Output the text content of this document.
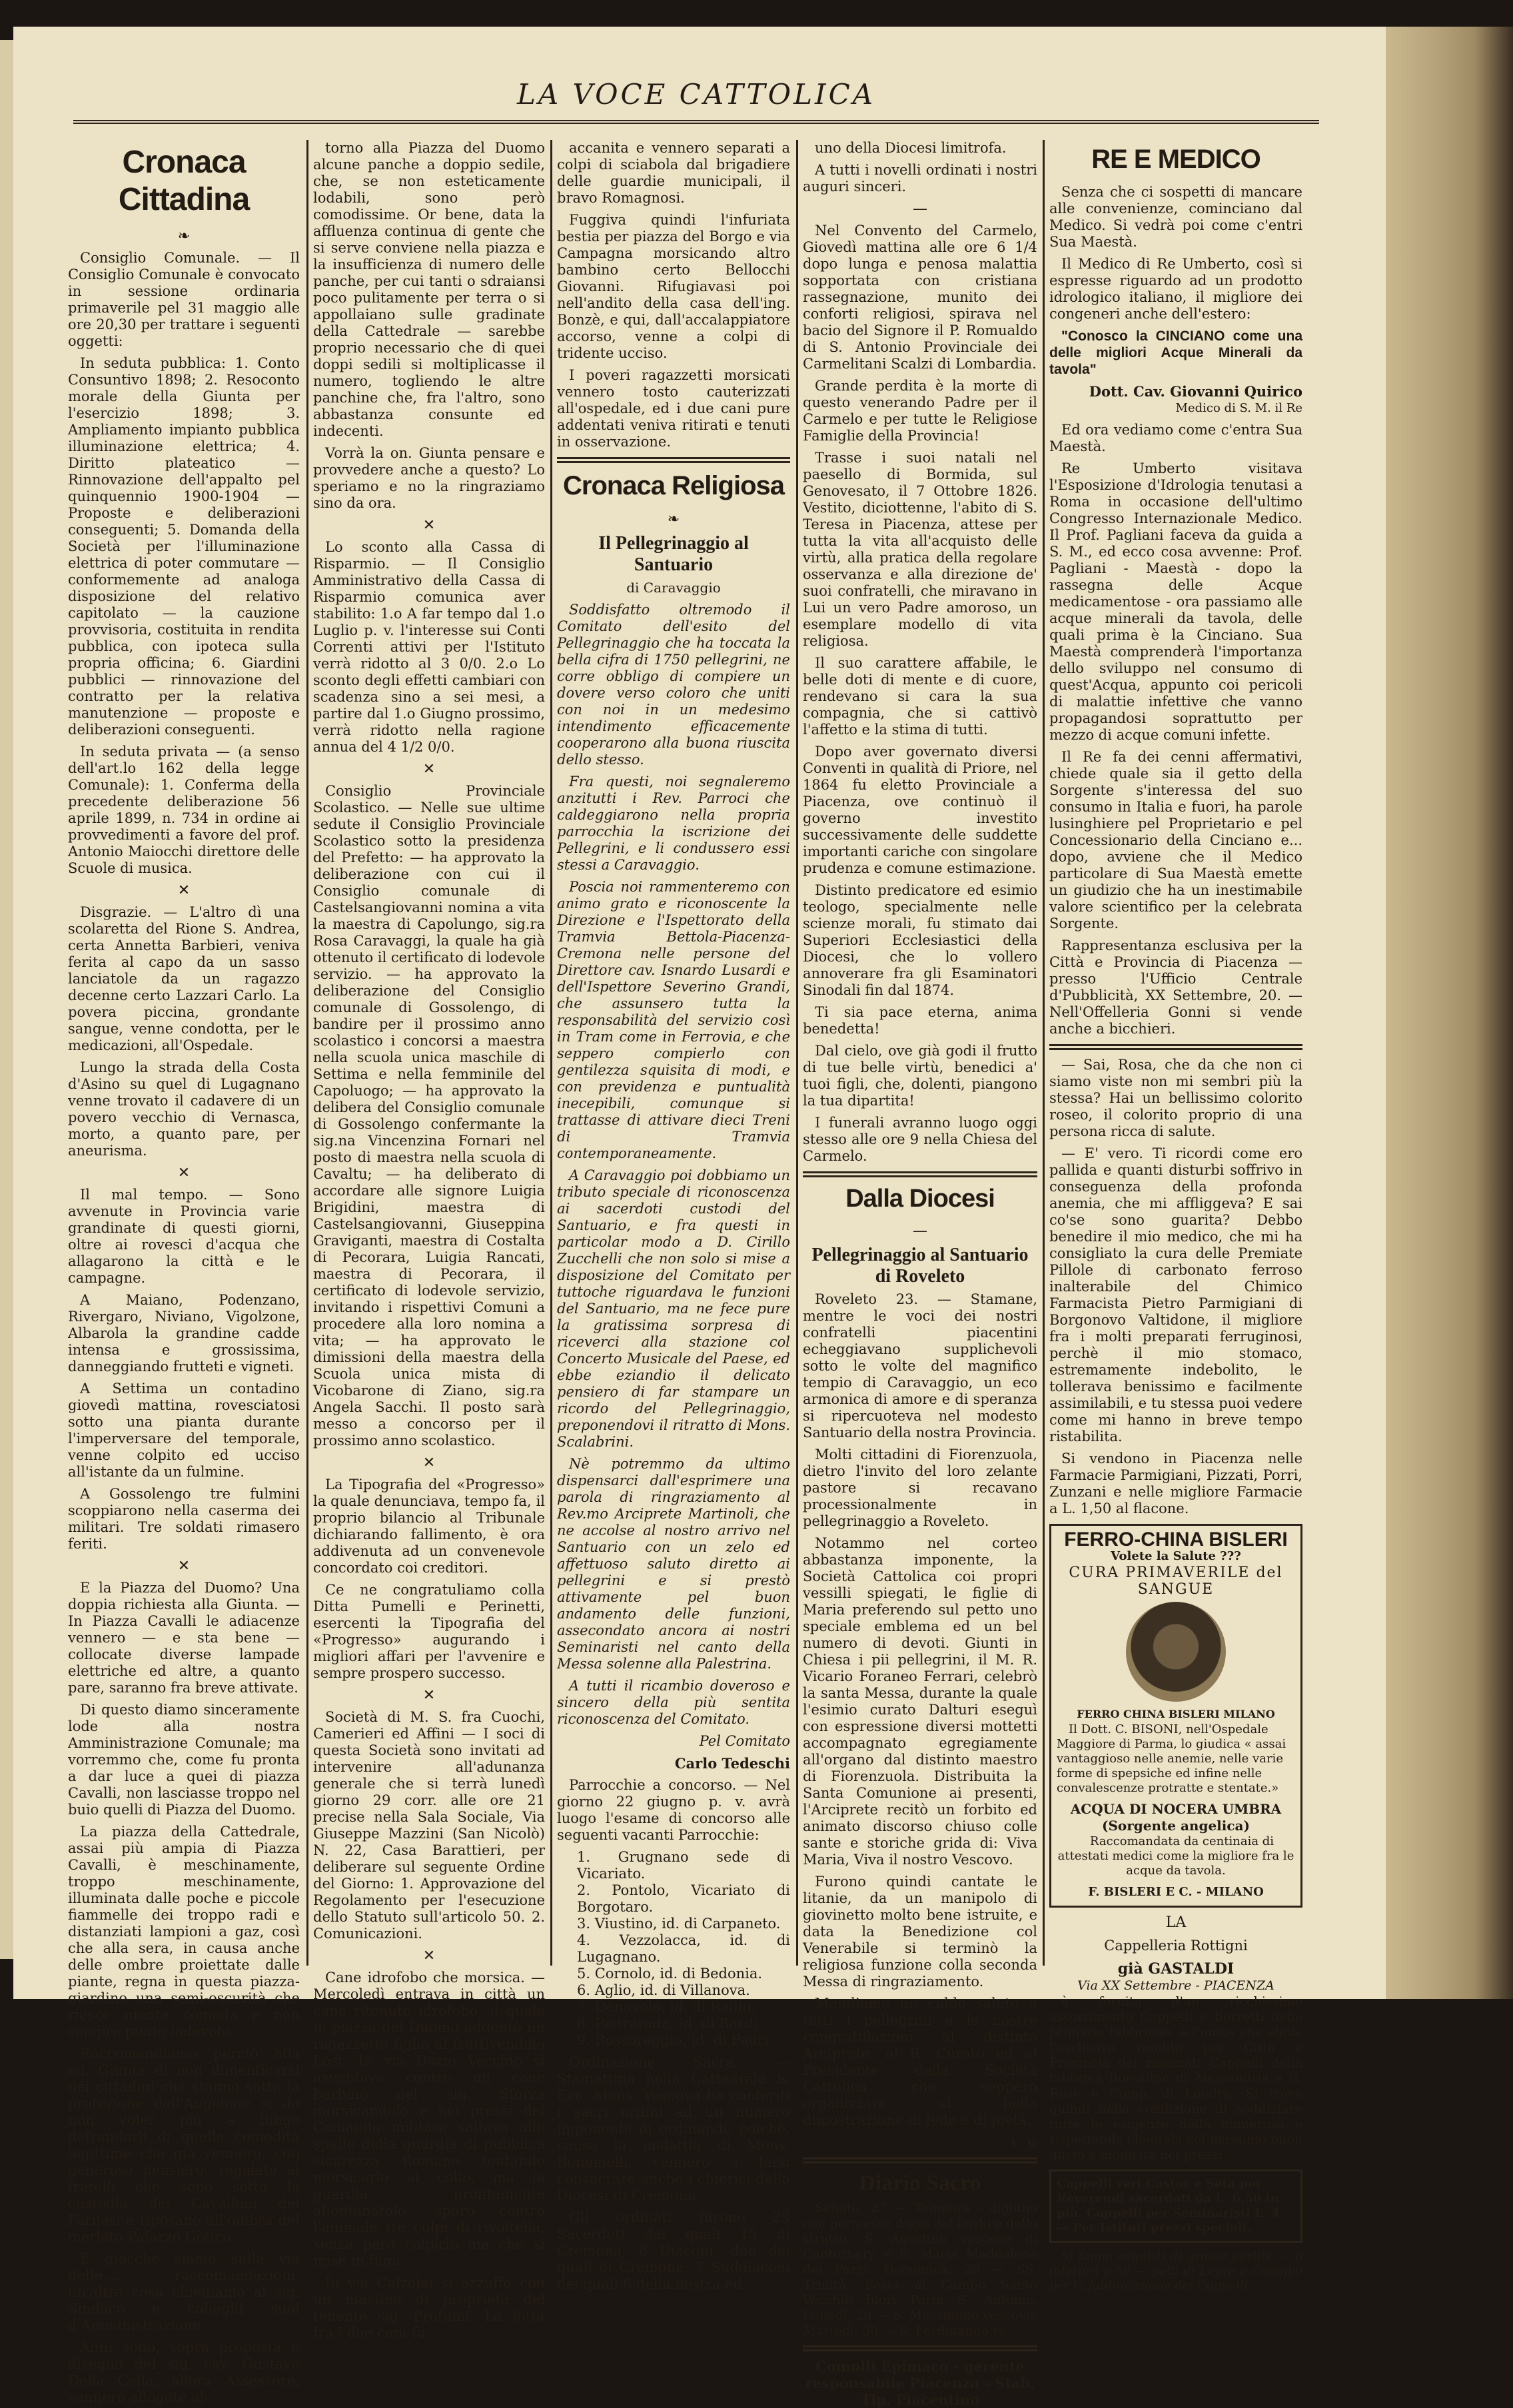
LA VOCE CATTOLICA
Cronaca Cittadina
❧

Consiglio Comunale. — Il Consiglio Comunale è convocato in sessione ordinaria primaverile pel 31 maggio alle ore 20,30 per trattare i seguenti oggetti:

In seduta pubblica: 1. Conto Consuntivo 1898; 2. Resoconto morale della Giunta per l'esercizio 1898; 3. Ampliamento impianto pubblica illuminazione elettrica; 4. Diritto plateatico — Rinnovazione dell'appalto pel quinquennio 1900-1904 — Proposte e deliberazioni conseguenti; 5. Domanda della Società per l'illuminazione elettrica di poter commutare — conformemente ad analoga disposizione del relativo capitolato — la cauzione provvisoria, costituita in rendita pubblica, con ipoteca sulla propria officina; 6. Giardini pubblici — rinnovazione del contratto per la relativa manutenzione — proposte e deliberazioni conseguenti.

In seduta privata — (a senso dell'art.lo 162 della legge Comunale): 1. Conferma della precedente deliberazione 56 aprile 1899, n. 734 in ordine ai provvedimenti a favore del prof. Antonio Maiocchi direttore delle Scuole di musica.

✕

Disgrazie. — L'altro dì una scolaretta del Rione S. Andrea, certa Annetta Barbieri, veniva ferita al capo da un sasso lanciatole da un ragazzo decenne certo Lazzari Carlo. La povera piccina, grondante sangue, venne condotta, per le medicazioni, all'Ospedale.

Lungo la strada della Costa d'Asino su quel di Lugagnano venne trovato il cadavere di un povero vecchio di Vernasca, morto, a quanto pare, per aneurisma.

✕

Il mal tempo. — Sono avvenute in Provincia varie grandinate di questi giorni, oltre ai rovesci d'acqua che allagarono la città e le campagne.

A Maiano, Podenzano, Rivergaro, Niviano, Vigolzone, Albarola la grandine cadde intensa e grossissima, danneggiando frutteti e vigneti.

A Settima un contadino giovedì mattina, rovesciatosi sotto una pianta durante l'imperversare del temporale, venne colpito ed ucciso all'istante da un fulmine.

A Gossolengo tre fulmini scoppiarono nella caserma dei militari. Tre soldati rimasero feriti.

✕

E la Piazza del Duomo? Una doppia richiesta alla Giunta. — In Piazza Cavalli le adiacenze vennero — e sta bene — collocate diverse lampade elettriche ed altre, a quanto pare, saranno fra breve attivate.

Di questo diamo sinceramente lode alla nostra Amministrazione Comunale; ma vorremmo che, come fu pronta a dar luce a quei di piazza Cavalli, non lasciasse troppo nel buio quelli di Piazza del Duomo.

La piazza della Cattedrale, assai più ampia di Piazza Cavalli, è meschinamente, troppo meschinamente, illuminata dalle poche e piccole fiammelle dei troppo radi e distanziati lampioni a gaz, così che alla sera, in causa anche delle ombre proiettate dalle piante, regna in questa piazza-giardino una semi-oscurità che riesce niente comoda e non sempre punto lodevole.

Raccomandiamo perciò alla on. Giunta di non dimenticarsi dei cittadini che stanno sotto la protezione dell'Angelone si da non voler più a lungo defraudarli di quelle comodità legittime che già vennero, con generoso pensiero, regalate ai fratelli che sono sotto la custodia dei Cavalloni dei Farnesi e riposano all'ombra del merlato Palazzo Gotico.

E giacchè siamo sulla via delle..... raccomandazioni, un'altra cosa chiediamo al sig. Sindaco e colleghi suoi d'Amministrazione.

Anni sono, sopra proposta o disegno del sig. cav. Gustavo Della Cella, allora Assessore, vennero allogate al-

torno alla Piazza del Duomo alcune panche a doppio sedile, che, se non esteticamente lodabili, sono però comodissime. Or bene, data la affluenza continua di gente che si serve conviene nella piazza e la insufficienza di numero delle panche, per cui tanti o sdraiansi poco pulitamente per terra o si appollaiano sulle gradinate della Cattedrale — sarebbe proprio necessario che di quei doppi sedili si moltiplicasse il numero, togliendo le altre panchine che, fra l'altro, sono abbastanza consunte ed indecenti.

Vorrà la on. Giunta pensare e provvedere anche a questo? Lo speriamo e no la ringraziamo sino da ora.

✕

Lo sconto alla Cassa di Risparmio. — Il Consiglio Amministrativo della Cassa di Risparmio comunica aver stabilito: 1.o A far tempo dal 1.o Luglio p. v. l'interesse sui Conti Correnti attivi per l'Istituto verrà ridotto al 3 0/0. 2.o Lo sconto degli effetti cambiari con scadenza sino a sei mesi, a partire dal 1.o Giugno prossimo, verrà ridotto nella ragione annua del 4 1/2 0/0.

✕

Consiglio Provinciale Scolastico. — Nelle sue ultime sedute il Consiglio Provinciale Scolastico sotto la presidenza del Prefetto: — ha approvato la deliberazione con cui il Consiglio comunale di Castelsangiovanni nomina a vita la maestra di Capolungo, sig.ra Rosa Caravaggi, la quale ha già ottenuto il certificato di lodevole servizio. — ha approvato la deliberazione del Consiglio comunale di Gossolengo, di bandire per il prossimo anno scolastico i concorsi a maestra nella scuola unica maschile di Settima e nella femminile del Capoluogo; — ha approvato la delibera del Consiglio comunale di Gossolengo confermante la sig.na Vincenzina Fornari nel posto di maestra nella scuola di Cavaltu; — ha deliberato di accordare alle signore Luigia Brigidini, maestra di Castelsangiovanni, Giuseppina Graviganti, maestra di Costalta di Pecorara, Luigia Rancati, maestra di Pecorara, il certificato di lodevole servizio, invitando i rispettivi Comuni a procedere alla loro nomina a vita; — ha approvato le dimissioni della maestra della Scuola unica mista di Vicobarone di Ziano, sig.ra Angela Sacchi. Il posto sarà messo a concorso per il prossimo anno scolastico.

✕

La Tipografia del «Progresso» la quale denunciava, tempo fa, il proprio bilancio al Tribunale dichiarando fallimento, è ora addivenuta ad un convenevole concordato coi creditori.

Ce ne congratuliamo colla Ditta Pumelli e Perinetti, esercenti la Tipografia del «Progresso» augurando i migliori affari per l'avvenire e sempre prospero successo.

✕

Società di M. S. fra Cuochi, Camerieri ed Affini — I soci di questa Società sono invitati ad intervenire all'adunanza generale che si terrà lunedì giorno 29 corr. alle ore 21 precise nella Sala Sociale, Via Giuseppe Mazzini (San Nicolò) N. 22, Casa Barattieri, per deliberare sul seguente Ordine del Giorno: 1. Approvazione del Regolamento per l'esecuzione dello Statuto sull'articolo 50. 2. Comunicazioni.

✕

Cane idrofobo che morsica. — Mercoledì entrava in città un cane ritenuto idrofobo, il quale in piazza del Duomo addentò un ragazzetto figlio al fruttivendolo Losi. In via Dazio Vecchio si avventava contro un cane barbino del sig. Sforza morsicandolo e nei pressi del Comando militare saltava alle spalle della guardia di pubblica sicurezza Romano tentando morsicarlo al collo, ma la guardia prontamente allontanatolo, sparò contro l'animale tre colpi di rivoltella, senza però colpirlo ma che si mise in fuga.

In via Calzolai si azzuffò con un mastino di proprietà del tenente sig. Profumi. La lotta fra i due cani fu

accanita e vennero separati a colpi di sciabola dal brigadiere delle guardie municipali, il bravo Romagnosi.

Fuggiva quindi l'infuriata bestia per piazza del Borgo e via Campagna morsicando altro bambino certo Bellocchi Giovanni. Rifugiavasi poi nell'andito della casa dell'ing. Bonzè, e qui, dall'accalappiatore accorso, venne a colpi di tridente ucciso.

I poveri ragazzetti morsicati vennero tosto cauterizzati all'ospedale, ed i due cani pure addentati veniva ritirati e tenuti in osservazione.

Cronaca Religiosa
❧
Il Pellegrinaggio al Santuario
di Caravaggio

Soddisfatto oltremodo il Comitato dell'esito del Pellegrinaggio che ha toccata la bella cifra di 1750 pellegrini, ne corre obbligo di compiere un dovere verso coloro che uniti con noi in un medesimo intendimento efficacemente cooperarono alla buona riuscita dello stesso.

Fra questi, noi segnaleremo anzitutti i Rev. Parroci che caldeggiarono nella propria parrocchia la iscrizione dei Pellegrini, e li condussero essi stessi a Caravaggio.

Poscia noi rammenteremo con animo grato e riconoscente la Direzione e l'Ispettorato della Tramvia Bettola-Piacenza-Cremona nelle persone del Direttore cav. Isnardo Lusardi e dell'Ispettore Severino Grandi, che assunsero tutta la responsabilità del servizio così in Tram come in Ferrovia, e che seppero compierlo con gentilezza squisita di modi, e con previdenza e puntualità inecepibili, comunque si trattasse di attivare dieci Treni di Tramvia contemporaneamente.

A Caravaggio poi dobbiamo un tributo speciale di riconoscenza ai sacerdoti custodi del Santuario, e fra questi in particolar modo a D. Cirillo Zucchelli che non solo si mise a disposizione del Comitato per tuttoche riguardava le funzioni del Santuario, ma ne fece pure la gratissima sorpresa di riceverci alla stazione col Concerto Musicale del Paese, ed ebbe eziandio il delicato pensiero di far stampare un ricordo del Pellegrinaggio, preponendovi il ritratto di Mons. Scalabrini.

Nè potremmo da ultimo dispensarci dall'esprimere una parola di ringraziamento al Rev.mo Arciprete Martinoli, che ne accolse al nostro arrivo nel Santuario con un zelo ed affettuoso saluto diretto ai pellegrini e si prestò attivamente pel buon andamento delle funzioni, assecondato ancora ai nostri Seminaristi nel canto della Messa solenne alla Palestrina.

A tutti il ricambio doveroso e sincero della più sentita riconoscenza del Comitato.

Pel Comitato

Carlo Tedeschi

Parrocchie a concorso. — Nel giorno 22 giugno p. v. avrà luogo l'esame di concorso alle seguenti vacanti Parrocchie:

1. Grugnano sede di Vicariato.
2. Pontolo, Vicariato di Borgotaro.
3. Viustino, id. di Carpaneto.
4. Vezzolacca, id. di Lugagnano.
5. Cornolo, id. di Bedonia.
6. Aglio, id. di Villanova.
7. Denavolo, id. di Rallio.
8. Pietrarada, id. di Bardi.
9. Rossoreggio, id. di Padri.

Ordinazione Sacra. — Stamattina nella Cattedrale S. Ecc. Mons. Vescovo ha conferiti i sacri ordini ad un numero imponente di ordinandi, poichè, causa la malattia di Mons. Bonomelli, vennero a farsi consacrare anche i chierici della Diocesi di Cremona.

Gli ordinati furono 23 Sacerdoti dei quali 15 di Cremona; 8 Diaconi, due dei quali di Cremona; 7 Suddiaconi dei quali 6 della nostra ed

uno della Diocesi limitrofa.

A tutti i novelli ordinati i nostri auguri sinceri.

—

Nel Convento del Carmelo, Giovedì mattina alle ore 6 1/4 dopo lunga e penosa malattia sopportata con cristiana rassegnazione, munito dei conforti religiosi, spirava nel bacio del Signore il P. Romualdo di S. Antonio Provinciale dei Carmelitani Scalzi di Lombardia.

Grande perdita è la morte di questo venerando Padre per il Carmelo e per tutte le Religiose Famiglie della Provincia!

Trasse i suoi natali nel paesello di Bormida, sul Genovesato, il 7 Ottobre 1826. Vestito, diciottenne, l'abito di S. Teresa in Piacenza, attese per tutta la vita all'acquisto delle virtù, alla pratica della regolare osservanza e alla direzione de' suoi confratelli, che miravano in Lui un vero Padre amoroso, un esemplare modello di vita religiosa.

Il suo carattere affabile, le belle doti di mente e di cuore, rendevano si cara la sua compagnia, che si cattivò l'affetto e la stima di tutti.

Dopo aver governato diversi Conventi in qualità di Priore, nel 1864 fu eletto Provinciale a Piacenza, ove continuò il governo investito successivamente delle suddette importanti cariche con singolare prudenza e comune estimazione.

Distinto predicatore ed esimio teologo, specialmente nelle scienze morali, fu stimato dai Superiori Ecclesiastici della Diocesi, che lo vollero annoverare fra gli Esaminatori Sinodali fin dal 1874.

Ti sia pace eterna, anima benedetta!

Dal cielo, ove già godi il frutto di tue belle virtù, benedici a' tuoi figli, che, dolenti, piangono la tua dipartita!

I funerali avranno luogo oggi stesso alle ore 9 nella Chiesa del Carmelo.

Dalla Diocesi
—
Pellegrinaggio al Santuario di Roveleto

Roveleto 23. — Stamane, mentre le voci dei nostri confratelli piacentini echeggiavano supplichevoli sotto le volte del magnifico tempio di Caravaggio, un eco armonica di amore e di speranza si ripercuoteva nel modesto Santuario della nostra Provincia.

Molti cittadini di Fiorenzuola, dietro l'invito del loro zelante pastore si recavano processionalmente in pellegrinaggio a Roveleto.

Notammo nel corteo abbastanza imponente, la Società Cattolica coi propri vessilli spiegati, le figlie di Maria preferendo sul petto uno speciale emblema ed un bel numero di devoti. Giunti in Chiesa i pii pellegrini, il M. R. Vicario Foraneo Ferrari, celebrò la santa Messa, durante la quale l'esimio curato Dalturi eseguì con espressione diversi mottetti accompagnato egregiamente all'organo dal distinto maestro di Fiorenzuola. Distribuita la Santa Comunione ai presenti, l'Arciprete recitò un forbito ed animato discorso chiuso colle sante e storiche grida di: Viva Maria, Viva il nostro Vescovo.

Furono quindi cantate le litanie, da un manipolo di giovinetto molto bene istruite, e data la Benedizione col Venerabile si terminò la religiosa funzione colla seconda Messa di ringraziamento.

Mandiamo un caldo saluto a tutti i pellegrini e le nostre congratulazioni al distinto Arciprete, al R. Curato ed al Presidente della Società Cattolica che seppero organizzare si bella dimostrazione di fede e di pietà.

x. y.

Diario Sacro

Sabato, 27 — Tempora - digiuno con permesso d'uso del lardo e dello strutto, S. Agostino vescovo di Cantorbery e S. Maria Maddalena dei Pazzi. Domenica, 28 — SS. Trinità. Festa al Campo Santo Vecchio fuori Porta S. Antonio. Lunedì, 29 — S. Massimino vescovo. Martedì, 30 — S. Ferdinando re.

Comolli Epimaco - gerente responsabile Piacenza - Stab. Tip. Piacentino

RE E MEDICO

Senza che ci sospetti di mancare alle convenienze, cominciano dal Medico. Si vedrà poi come c'entri Sua Maestà.

Il Medico di Re Umberto, così si espresse riguardo ad un prodotto idrologico italiano, il migliore dei congeneri anche dell'estero:

"Conosco la CINCIANO come una delle migliori Acque Minerali da tavola"

Dott. Cav. Giovanni Quirico

Medico di S. M. il Re

Ed ora vediamo come c'entra Sua Maestà.

Re Umberto visitava l'Esposizione d'Idrologia tenutasi a Roma in occasione dell'ultimo Congresso Internazionale Medico. Il Prof. Pagliani faceva da guida a S. M., ed ecco cosa avvenne: Prof. Pagliani - Maestà - dopo la rassegna delle Acque medicamentose - ora passiamo alle acque minerali da tavola, delle quali prima è la Cinciano. Sua Maestà comprenderà l'importanza dello sviluppo nel consumo di quest'Acqua, appunto coi pericoli di malattie infettive che vanno propagandosi soprattutto per mezzo di acque comuni infette.

Il Re fa dei cenni affermativi, chiede quale sia il getto della Sorgente s'interessa del suo consumo in Italia e fuori, ha parole lusinghiere pel Proprietario e pel Concessionario della Cinciano e... dopo, avviene che il Medico particolare di Sua Maestà emette un giudizio che ha un inestimabile valore scientifico per la celebrata Sorgente.

Rappresentanza esclusiva per la Città e Provincia di Piacenza — presso l'Ufficio Centrale d'Pubblicità, XX Settembre, 20. — Nell'Offelleria Gonni si vende anche a bicchieri.

— Sai, Rosa, che da che non ci siamo viste non mi sembri più la stessa? Hai un bellissimo colorito roseo, il colorito proprio di una persona ricca di salute.

— E' vero. Ti ricordi come ero pallida e quanti disturbi soffrivo in conseguenza della profonda anemia, che mi affliggeva? E sai co'se sono guarita? Debbo benedire il mio medico, che mi ha consigliato la cura delle Premiate Pillole di carbonato ferroso inalterabile del Chimico Farmacista Pietro Parmigiani di Borgonovo Valtidone, il migliore fra i molti preparati ferruginosi, perchè il mio stomaco, estremamente indebolito, le tollerava benissimo e facilmente assimilabili, e tu stessa puoi vedere come mi hanno in breve tempo ristabilita.

Si vendono in Piacenza nelle Farmacie Parmigiani, Pizzati, Porri, Zunzani e nelle migliore Farmacie a L. 1,50 al flacone.

FERRO-CHINA BISLERI
Volete la Salute ???
CURA PRIMAVERILE del SANGUE
FERRO CHINA BISLERI MILANO

Il Dott. C. BISONI, nell'Ospedale Maggiore di Parma, lo giudica « assai vantaggioso nelle anemie, nelle varie forme di spepsiche ed infine nelle convalescenze protratte e stentate.»

ACQUA DI NOCERA UMBRA (Sorgente angelica)

Raccomandata da centinaia di attestati medici come la migliore fra le acque da tavola.

F. BISLERI E C. - MILANO
LA
Cappelleria Rottigni
già GASTALDI
Via XX Settembre - PIACENZA

è fornita d'un ricchissimo assortimento Cappelli e Berretti delle primarie fabbriche, è l'unica che abbia l'esclusiva vendita per Città e Provincia dei rinomati Cappelli della fabbrica Borsalino di Alessandria e G. Rosè e Comp. di Londra. Si trova quindi nella condizione di soddisfare tutte le esigenze della numerosa e rispettabile clientela col massimo buon gusto e modicità nei prezzi.

Cappelli veri Castor e Seta per Reverendi sacerdoti da L. 6,50 in più. Cappelli per Seminaristi L. 4. — Per Istituti prezzi speciali.

Si fanno acquisti di grosse partite — o inferiori a 50 — pelli di Lepre e Coniglio per la fabbricazione dei Cappelli.
